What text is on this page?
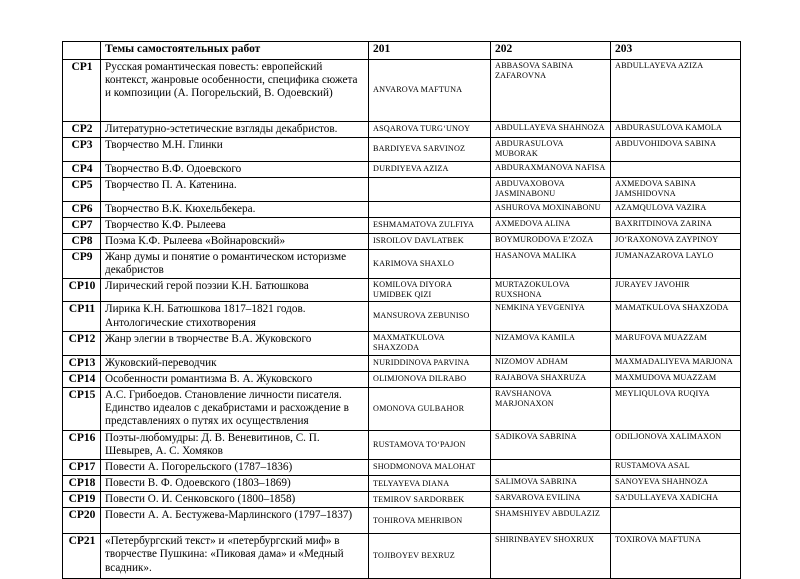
	Темы самостоятельных работ	201	202	203
СР1	Русская романтическая повесть: европейский контекст, жанровые особенности, специфика сюжета и композиции (А. Погорельский, В. Одоевский)	ANVAROVA MAFTUNA	ABBASOVA SABINA ZAFAROVNA	ABDULLAYEVA AZIZA
СР2	Литературно-эстетические взгляды декабристов.	ASQAROVA TURG‘UNOY	ABDULLAYEVA SHAHNOZA	ABDURASULOVA KAMOLA
СР3	Творчество М.Н. Глинки	BARDIYEVA SARVINOZ	ABDURASULOVA MUBORAK	ABDUVOHIDOVA SABINA
СР4	Творчество В.Ф. Одоевского	DURDIYEVA AZIZA	ABDURAXMANOVA NAFISA	
СР5	Творчество П. А. Катенина.		ABDUVAXOBOVA JASMINABONU	AXMEDOVA SABINA JAMSHIDOVNA
СР6	Творчество В.К. Кюхельбекера.		ASHUROVA MOXINABONU	AZAMQULOVA VAZIRA
СР7	Творчество К.Ф. Рылеева	ESHMAMATOVA ZULFIYA	AXMEDOVA ALINA	BAXRITDINOVA ZARINA
СР8	Поэма К.Ф. Рылеева «Войнаровский»	ISROILOV DAVLATBEK	BOYMURODOVA E’ZOZA	JO‘RAXONOVA ZAYPINOY
СР9	Жанр думы и понятие о романтическом историзме декабристов	KARIMOVA SHAXLO	HASANOVA MALIKA	JUMANAZAROVA LAYLO
СР10	Лирический герой поэзии К.Н. Батюшкова	KOMILOVA DIYORA UMIDBEK QIZI	MURTAZOKULOVA RUXSHONA	JURAYEV JAVOHIR
СР11	Лирика К.Н. Батюшкова 1817–1821 годов. Антологические стихотворения	MANSUROVA ZEBUNISO	NEMKINA YEVGENIYA	MAMATKULOVA SHAXZODA
СР12	Жанр элегии в творчестве В.А. Жуковского	MAXMATKULOVA SHAXZODA	NIZAMOVA KAMILA	MARUFOVA MUAZZAM
СР13	Жуковский-переводчик	NURIDDINOVA PARVINA	NIZOMOV ADHAM	MAXMADALIYEVA MARJONA
СР14	Особенности романтизма В. А. Жуковского	OLIMJONOVA DILRABO	RAJABOVA SHAXRUZA	MAXMUDOVA MUAZZAM
СР15	А.С. Грибоедов. Становление личности писателя. Единство идеалов с декабристами и расхождение в представлениях о путях их осуществления	OMONOVA GULBAHOR	RAVSHANOVA MARJONAXON	MEYLIQULOVA RUQIYA
СР16	Поэты-любомудры: Д. В. Веневитинов, С. П. Шевырев, А. С. Хомяков	RUSTAMOVA TO‘PAJON	SADIKOVA SABRINA	ODILJONOVA XALIMAXON
СР17	Повести А. Погорельского (1787–1836)	SHODMONOVA MALOHAT		RUSTAMOVA ASAL
СР18	Повести В. Ф. Одоевского (1803–1869)	TELYAYEVA DIANA	SALIMOVA SABRINA	SANOYEVA SHAHNOZA
СР19	Повести О. И. Сенковского (1800–1858)	TEMIROV SARDORBEK	SARVAROVA EVILINA	SA’DULLAYEVA XADICHA
СР20	Повести А. А. Бестужева-Марлинского (1797–1837)	TOHIROVA MEHRIBON	SHAMSHIYEV ABDULAZIZ	
СР21	«Петербургский текст» и «петербургский миф» в творчестве Пушкина: «Пиковая дама» и «Медный всадник».	TOJIBOYEV BEXRUZ	SHIRINBAYEV SHOXRUX	TOXIROVA MAFTUNA
